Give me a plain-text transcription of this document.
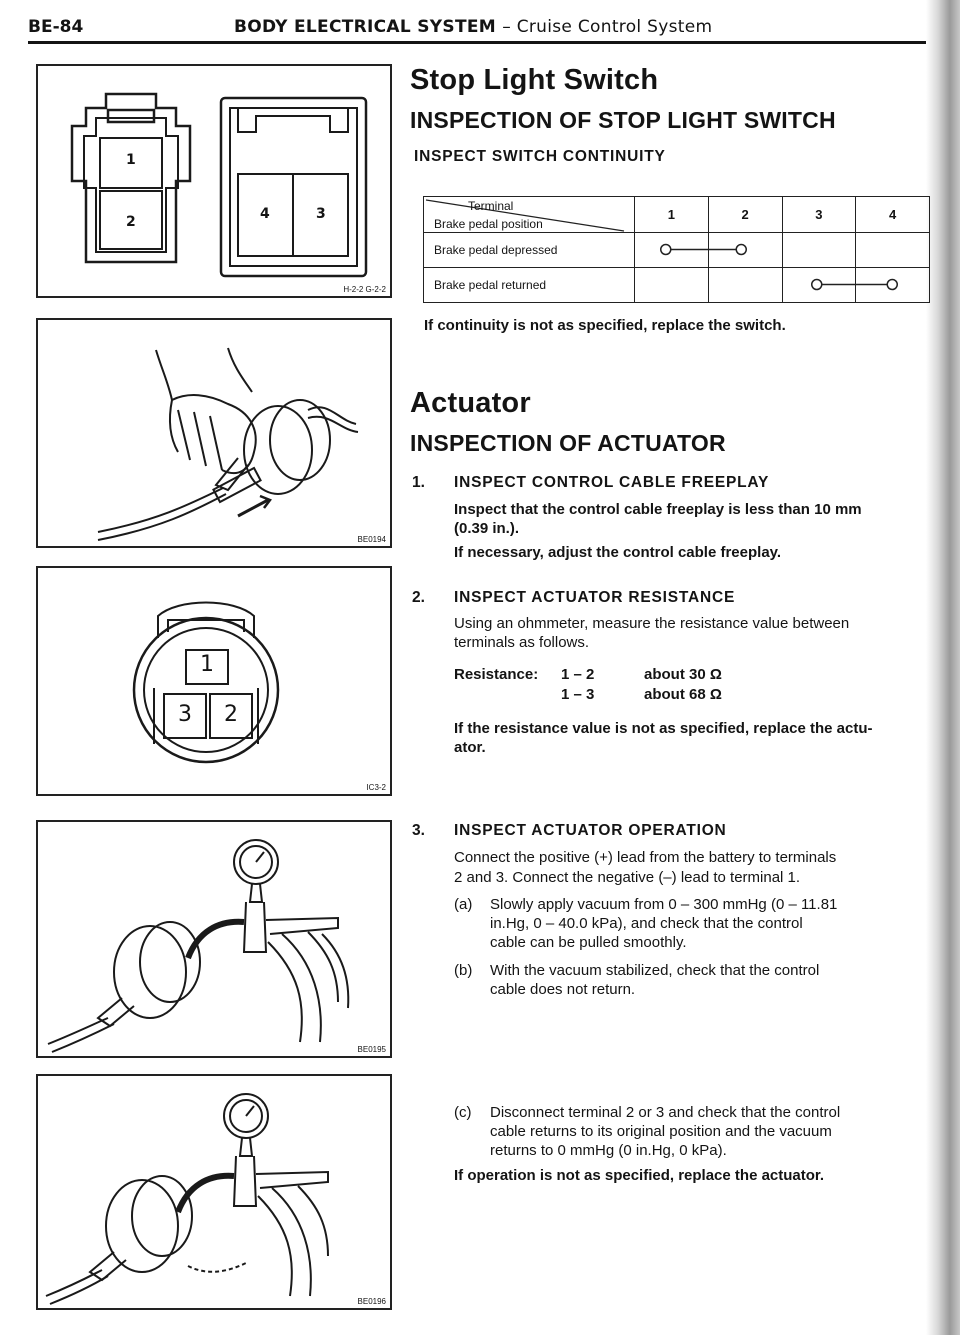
BE-84	BODY ELECTRICAL SYSTEM – Cruise Control System
1
2	4	3
H-2-2 G-2-2
BE0194
1
3 2
IC3-2
BE0195
BE0196
Stop Light Switch
INSPECTION OF STOP LIGHT SWITCH
INSPECT SWITCH CONTINUITY
Terminal
Brake pedal position	1	2	3	4
Brake pedal depressed				
Brake pedal returned				
If continuity is not as specified, replace the switch.
Actuator
INSPECTION OF ACTUATOR
1. INSPECT CONTROL CABLE FREEPLAY
Inspect that the control cable freeplay is less than 10 mm
(0.39 in.).
If necessary, adjust the control cable freeplay.
2. INSPECT ACTUATOR RESISTANCE
Using an ohmmeter, measure the resistance value between
terminals as follows.
Resistance: 1 – 2	about 30 Ω
1 – 3	about 68 Ω
If the resistance value is not as specified, replace the actu-
ator.
3. INSPECT ACTUATOR OPERATION
Connect the positive (+) lead from the battery to terminals
2 and 3. Connect the negative (–) lead to terminal 1.
(a) Slowly apply vacuum from 0 – 300 mmHg (0 – 11.81
in.Hg, 0 – 40.0 kPa), and check that the control
cable can be pulled smoothly.
(b) With the vacuum stabilized, check that the control
cable does not return.
(c) Disconnect terminal 2 or 3 and check that the control
cable returns to its original position and the vacuum
returns to 0 mmHg (0 in.Hg, 0 kPa).
If operation is not as specified, replace the actuator.
